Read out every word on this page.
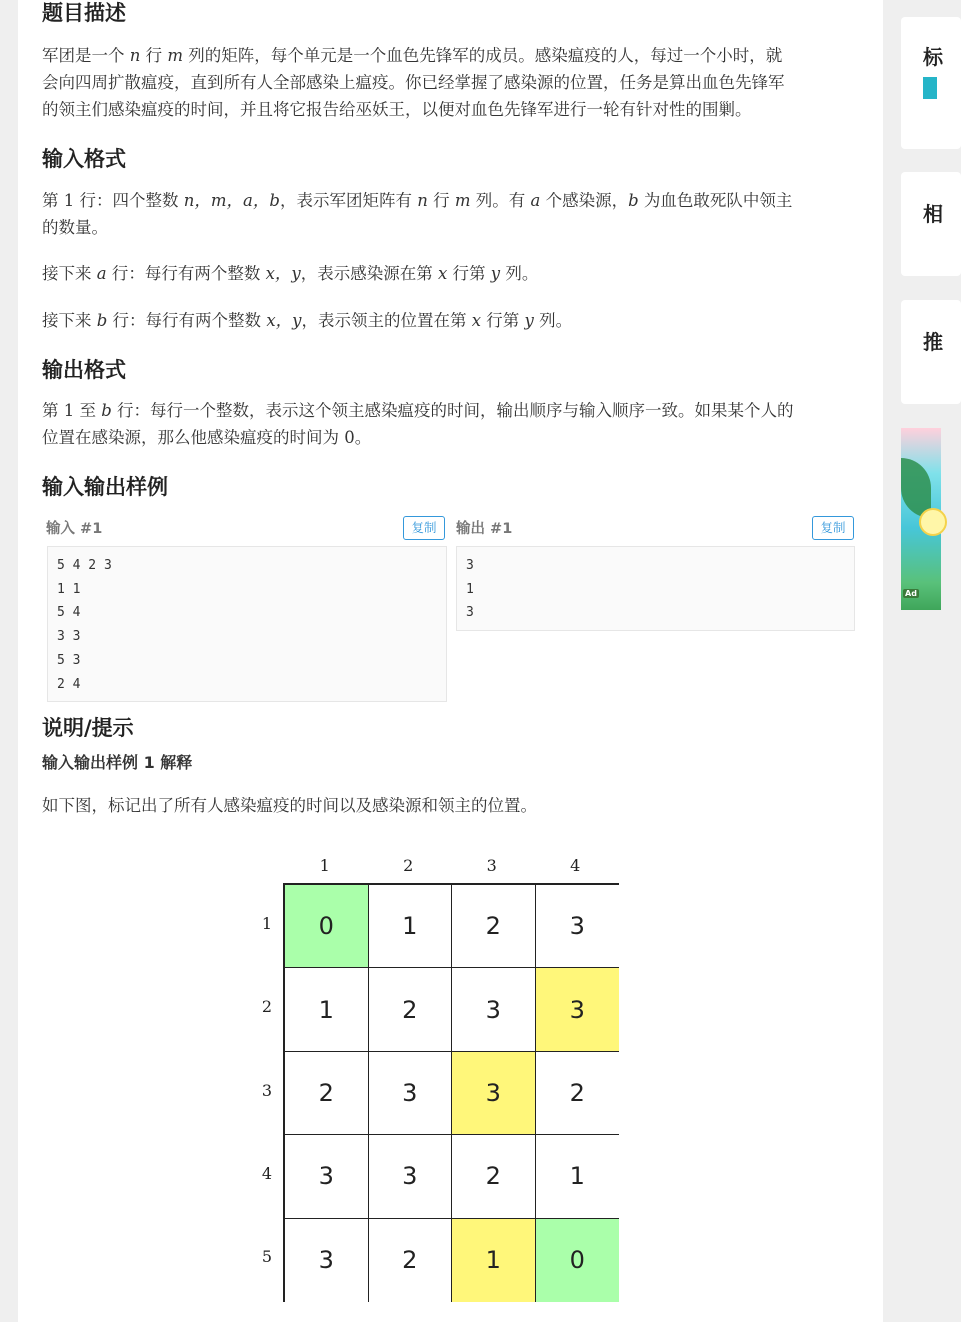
题目描述

军团是一个 n 行 m 列的矩阵，每个单元是一个血色先锋军的成员。感染瘟疫的人，每过一个小时，就
会向四周扩散瘟疫，直到所有人全部感染上瘟疫。你已经掌握了感染源的位置，任务是算出血色先锋军
的领主们感染瘟疫的时间，并且将它报告给巫妖王，以便对血色先锋军进行一轮有针对性的围剿。

输入格式

第 1 行：四个整数 n，m，a，b，表示军团矩阵有 n 行 m 列。有 a 个感染源，b 为血色敢死队中领主
的数量。

接下来 a 行：每行有两个整数 x，y，表示感染源在第 x 行第 y 列。

接下来 b 行：每行有两个整数 x，y，表示领主的位置在第 x 行第 y 列。

输出格式

第 1 至 b 行：每行一个整数，表示这个领主感染瘟疫的时间，输出顺序与输入顺序一致。如果某个人的
位置在感染源，那么他感染瘟疫的时间为 0。

输入输出样例
输入 #1	复制
5 4 2 3
1 1
5 4
3 3
5 3
2 4
输出 #1	复制
3
1
3
说明/提示
输入输出样例 1 解释

如下图，标记出了所有人感染瘟疫的时间以及感染源和领主的位置。

1	2	3	4
1
2
3
4
5
0	1	2	3
1	2	3	3
2	3	3	2
3	3	2	1
3	2	1	0
标
相
推
Ad
